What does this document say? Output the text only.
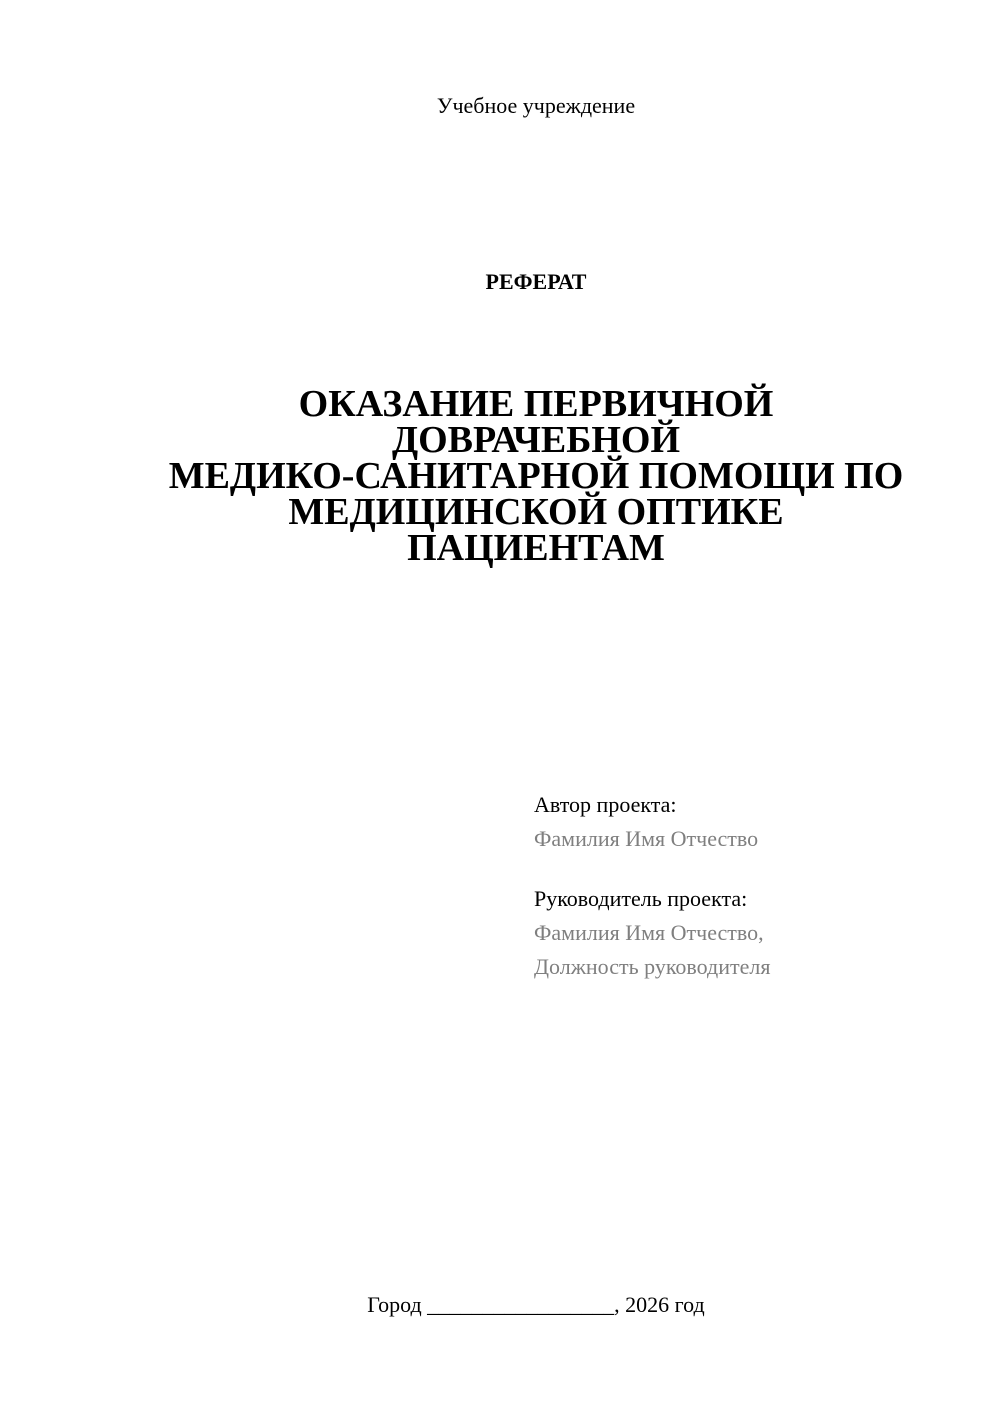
Учебное учреждение
РЕФЕРАТ
ОКАЗАНИЕ ПЕРВИЧНОЙ
ДОВРАЧЕБНОЙ
МЕДИКО-САНИТАРНОЙ ПОМОЩИ ПО
МЕДИЦИНСКОЙ ОПТИКЕ
ПАЦИЕНТАМ
Автор проекта:
Фамилия Имя Отчество
Руководитель проекта:
Фамилия Имя Отчество,
Должность руководителя
Город _________________, 2026 год
